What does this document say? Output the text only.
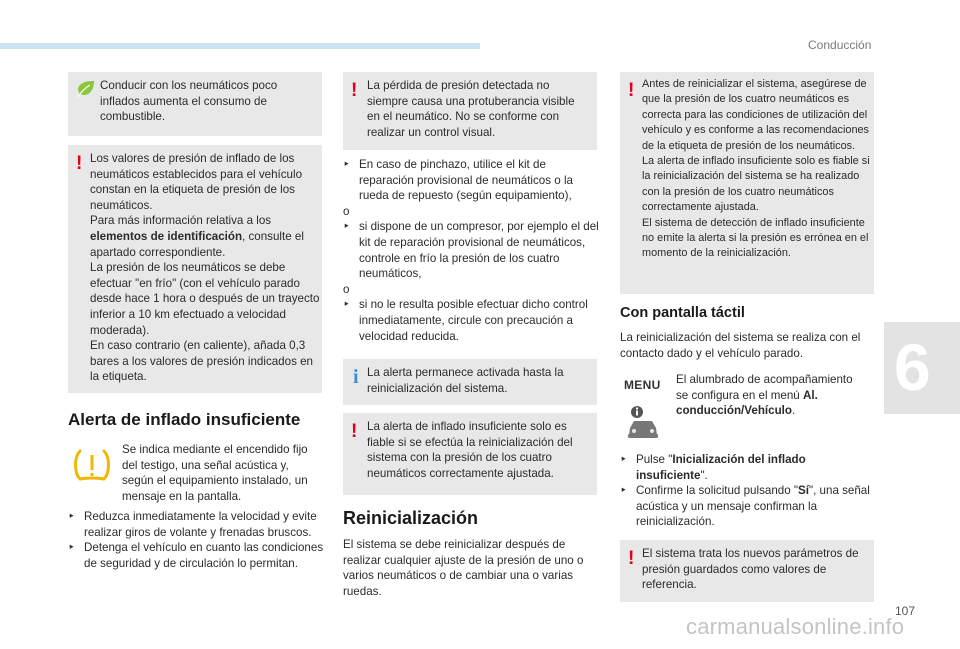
Conducción
6
107
carmanualsonline.info
Conducir con los neumáticos poco inflados aumenta el consumo de combustible.
! Los valores de presión de inflado de los neumáticos establecidos para el vehículo constan en la etiqueta de presión de los neumáticos.
Para más información relativa a los elementos de identificación, consulte el apartado correspondiente.
La presión de los neumáticos se debe efectuar "en frío" (con el vehículo parado desde hace 1 hora o después de un trayecto inferior a 10 km efectuado a velocidad moderada).
En caso contrario (en caliente), añada 0,3 bares a los valores de presión indicados en la etiqueta.
Alerta de inflado insuficiente
Se indica mediante el encendido fijo del testigo, una señal acústica y, según el equipamiento instalado, un mensaje en la pantalla.
‣ Reduzca inmediatamente la velocidad y evite realizar giros de volante y frenadas bruscos.
‣ Detenga el vehículo en cuanto las condiciones de seguridad y de circulación lo permitan.
! La pérdida de presión detectada no siempre causa una protuberancia visible en el neumático. No se conforme con realizar un control visual.
‣ En caso de pinchazo, utilice el kit de reparación provisional de neumáticos o la rueda de repuesto (según equipamiento),
o
‣ si dispone de un compresor, por ejemplo el del kit de reparación provisional de neumáticos, controle en frío la presión de los cuatro neumáticos,
o
‣ si no le resulta posible efectuar dicho control inmediatamente, circule con precaución a velocidad reducida.
i La alerta permanece activada hasta la reinicialización del sistema.
! La alerta de inflado insuficiente solo es fiable si se efectúa la reinicialización del sistema con la presión de los cuatro neumáticos correctamente ajustada.
Reinicialización
El sistema se debe reinicializar después de realizar cualquier ajuste de la presión de uno o varios neumáticos o de cambiar una o varias ruedas.
! Antes de reinicializar el sistema, asegúrese de que la presión de los cuatro neumáticos es correcta para las condiciones de utilización del vehículo y es conforme a las recomendaciones de la etiqueta de presión de los neumáticos.
La alerta de inflado insuficiente solo es fiable si la reinicialización del sistema se ha realizado con la presión de los cuatro neumáticos correctamente ajustada.
El sistema de detección de inflado insuficiente no emite la alerta si la presión es errónea en el momento de la reinicialización.
Con pantalla táctil
La reinicialización del sistema se realiza con el contacto dado y el vehículo parado.
MENU El alumbrado de acompañamiento se configura en el menú Al. conducción/Vehículo.
‣ Pulse "Inicialización del inflado insuficiente".
‣ Confirme la solicitud pulsando "Sí", una señal acústica y un mensaje confirman la reinicialización.
! El sistema trata los nuevos parámetros de presión guardados como valores de referencia.
